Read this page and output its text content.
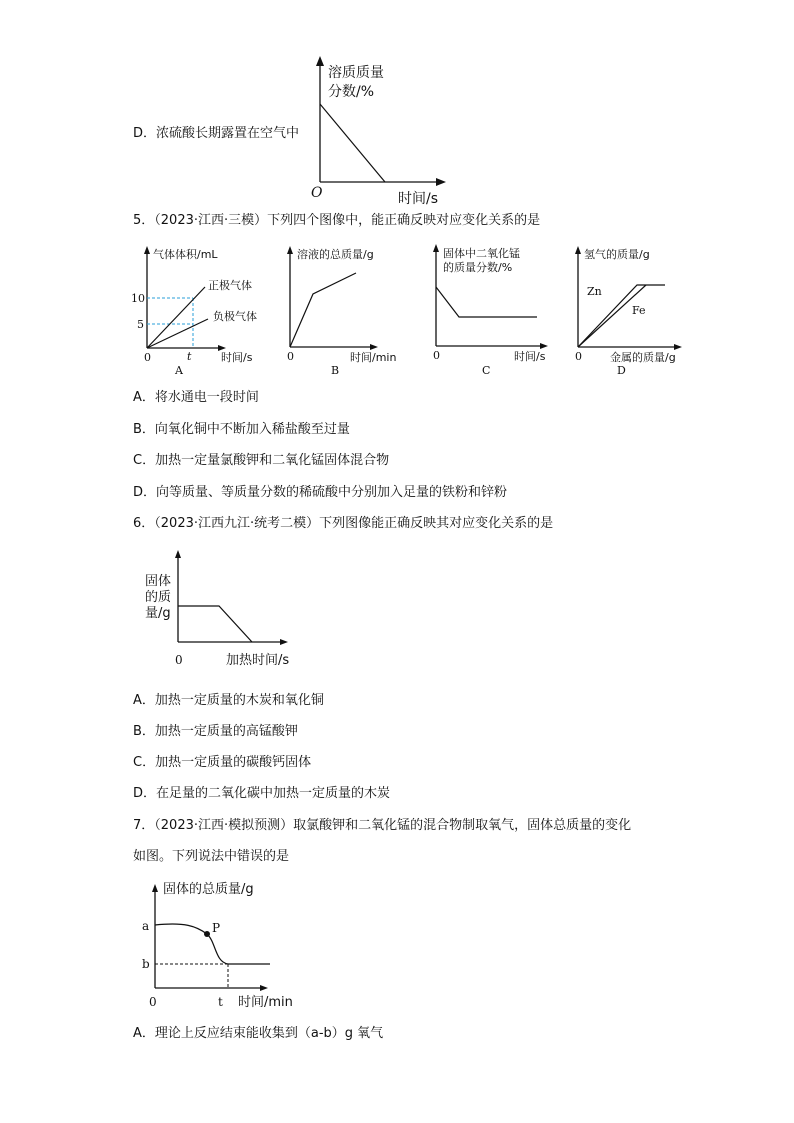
D．浓硫酸长期露置在空气中
溶质质量
分数/%
O	时间/s
5．（2023·江西·三模）下列四个图像中，能正确反映对应变化关系的是
气体体积/mL
10
5
正极气体
负极气体
0	t	时间/s
A
溶液的总质量/g
0	时间/min
B
固体中二氧化锰
的质量分数/%
0	时间/s
C
氢气的质量/g
Zn
Fe
0	金属的质量/g
D
A．将水通电一段时间
B．向氧化铜中不断加入稀盐酸至过量
C．加热一定量氯酸钾和二氧化锰固体混合物
D．向等质量、等质量分数的稀硫酸中分别加入足量的铁粉和锌粉
6．（2023·江西九江·统考二模）下列图像能正确反映其对应变化关系的是
固体
的质
量/g
0	加热时间/s
A．加热一定质量的木炭和氧化铜
B．加热一定质量的高锰酸钾
C．加热一定质量的碳酸钙固体
D．在足量的二氧化碳中加热一定质量的木炭
7．（2023·江西·模拟预测）取氯酸钾和二氧化锰的混合物制取氧气，固体总质量的变化
如图。下列说法中错误的是
固体的总质量/g
a
b
P
0	t 时间/min
A．理论上反应结束能收集到（a-b）g 氧气
